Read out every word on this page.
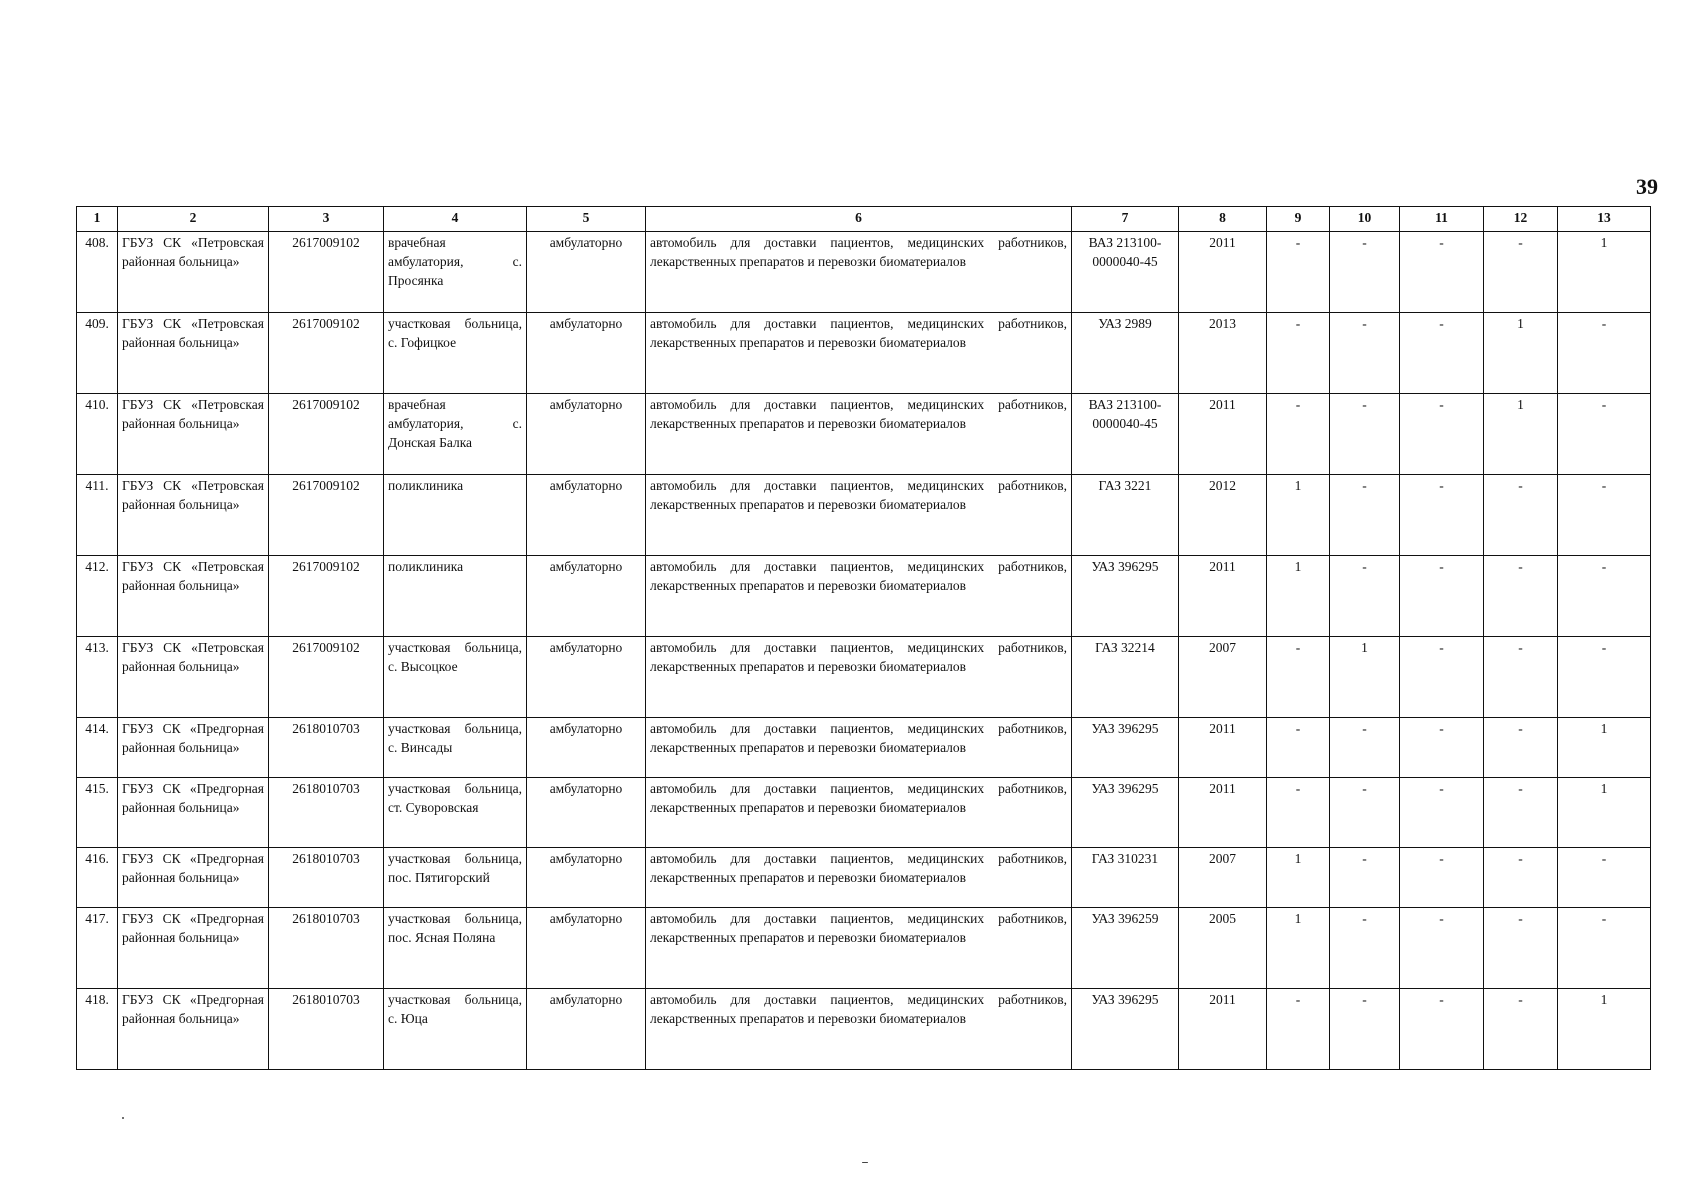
39
1	2	3	4	5	6	7	8	9	10	11	12	13
408.	ГБУЗ СК «Петровская районная больница»	2617009102	врачебная амбулатория, с. Просянка	амбулаторно	автомобиль для доставки пациентов, медицинских работников, лекарственных препаратов и перевозки биоматериалов	ВАЗ 213100-0000040-45	2011	-	-	-	-	1
409.	ГБУЗ СК «Петровская районная больница»	2617009102	участковая больница, с. Гофицкое	амбулаторно	автомобиль для доставки пациентов, медицинских работников, лекарственных препаратов и перевозки биоматериалов	УАЗ 2989	2013	-	-	-	1	-
410.	ГБУЗ СК «Петровская районная больница»	2617009102	врачебная амбулатория, с. Донская Балка	амбулаторно	автомобиль для доставки пациентов, медицинских работников, лекарственных препаратов и перевозки биоматериалов	ВАЗ 213100-0000040-45	2011	-	-	-	1	-
411.	ГБУЗ СК «Петровская районная больница»	2617009102	поликлиника	амбулаторно	автомобиль для доставки пациентов, медицинских работников, лекарственных препаратов и перевозки биоматериалов	ГАЗ 3221	2012	1	-	-	-	-
412.	ГБУЗ СК «Петровская районная больница»	2617009102	поликлиника	амбулаторно	автомобиль для доставки пациентов, медицинских работников, лекарственных препаратов и перевозки биоматериалов	УАЗ 396295	2011	1	-	-	-	-
413.	ГБУЗ СК «Петровская районная больница»	2617009102	участковая больница, с. Высоцкое	амбулаторно	автомобиль для доставки пациентов, медицинских работников, лекарственных препаратов и перевозки биоматериалов	ГАЗ 32214	2007	-	1	-	-	-
414.	ГБУЗ СК «Предгорная районная больница»	2618010703	участковая больница, с. Винсады	амбулаторно	автомобиль для доставки пациентов, медицинских работников, лекарственных препаратов и перевозки биоматериалов	УАЗ 396295	2011	-	-	-	-	1
415.	ГБУЗ СК «Предгорная районная больница»	2618010703	участковая больница, ст. Суворовская	амбулаторно	автомобиль для доставки пациентов, медицинских работников, лекарственных препаратов и перевозки биоматериалов	УАЗ 396295	2011	-	-	-	-	1
416.	ГБУЗ СК «Предгорная районная больница»	2618010703	участковая больница, пос. Пятигорский	амбулаторно	автомобиль для доставки пациентов, медицинских работников, лекарственных препаратов и перевозки биоматериалов	ГАЗ 310231	2007	1	-	-	-	-
417.	ГБУЗ СК «Предгорная районная больница»	2618010703	участковая больница, пос. Ясная Поляна	амбулаторно	автомобиль для доставки пациентов, медицинских работников, лекарственных препаратов и перевозки биоматериалов	УАЗ 396259	2005	1	-	-	-	-
418.	ГБУЗ СК «Предгорная районная больница»	2618010703	участковая больница, с. Юца	амбулаторно	автомобиль для доставки пациентов, медицинских работников, лекарственных препаратов и перевозки биоматериалов	УАЗ 396295	2011	-	-	-	-	1
